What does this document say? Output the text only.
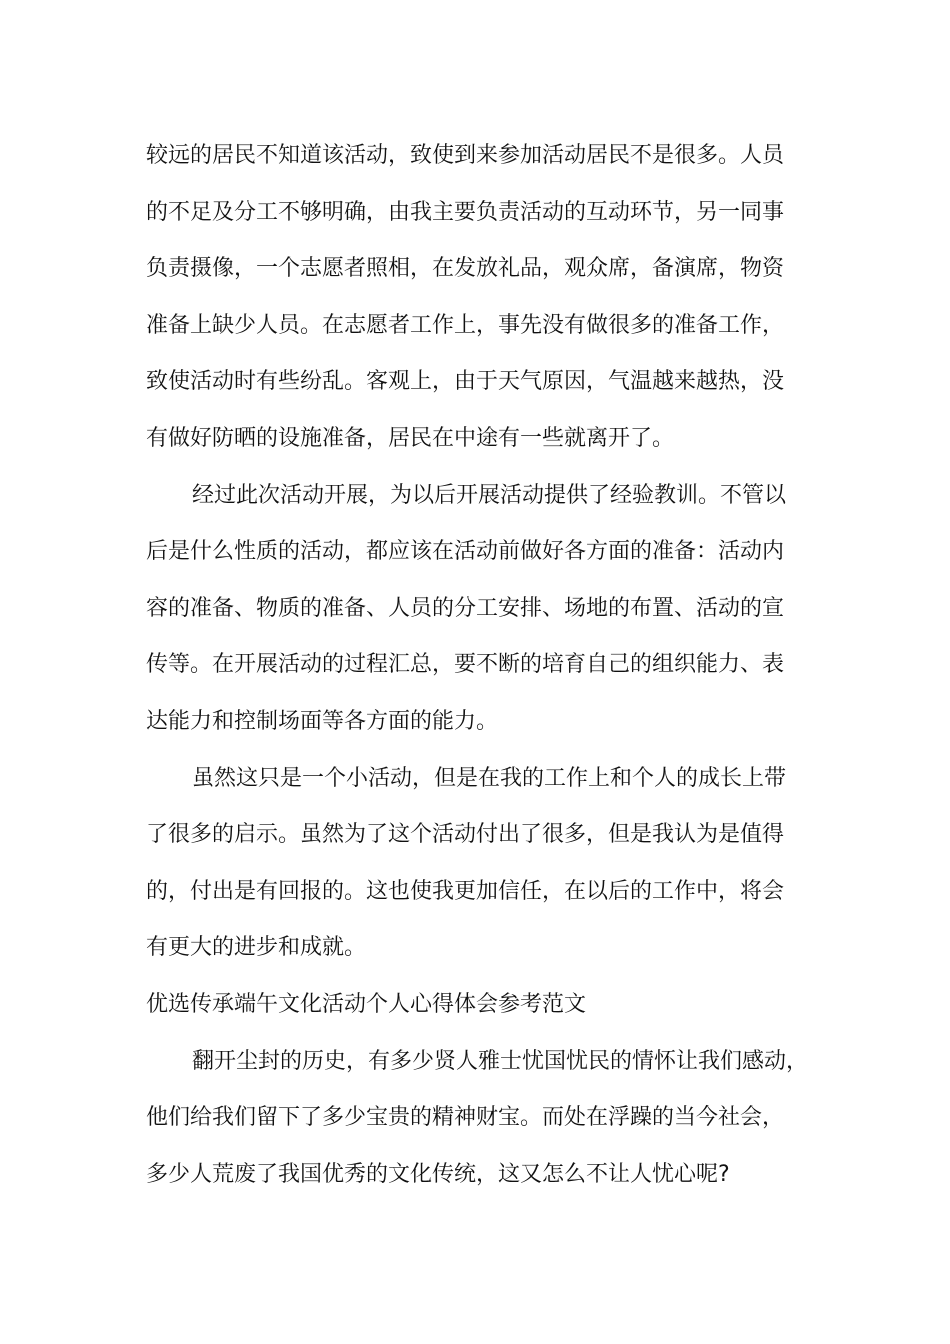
较远的居民不知道该活动，致使到来参加活动居民不是很多。人员
的不足及分工不够明确，由我主要负责活动的互动环节，另一同事
负责摄像，一个志愿者照相，在发放礼品，观众席，备演席，物资
准备上缺少人员。在志愿者工作上，事先没有做很多的准备工作，
致使活动时有些纷乱。客观上，由于天气原因，气温越来越热，没
有做好防晒的设施准备，居民在中途有一些就离开了。
经过此次活动开展，为以后开展活动提供了经验教训。不管以
后是什么性质的活动，都应该在活动前做好各方面的准备：活动内
容的准备、物质的准备、人员的分工安排、场地的布置、活动的宣
传等。在开展活动的过程汇总，要不断的培育自己的组织能力、表
达能力和控制场面等各方面的能力。
虽然这只是一个小活动，但是在我的工作上和个人的成长上带
了很多的启示。虽然为了这个活动付出了很多，但是我认为是值得
的，付出是有回报的。这也使我更加信任，在以后的工作中，将会
有更大的进步和成就。
优选传承端午文化活动个人心得体会参考范文
翻开尘封的历史，有多少贤人雅士忧国忧民的情怀让我们感动，
他们给我们留下了多少宝贵的精神财宝。而处在浮躁的当今社会，
多少人荒废了我国优秀的文化传统，这又怎么不让人忧心呢?
